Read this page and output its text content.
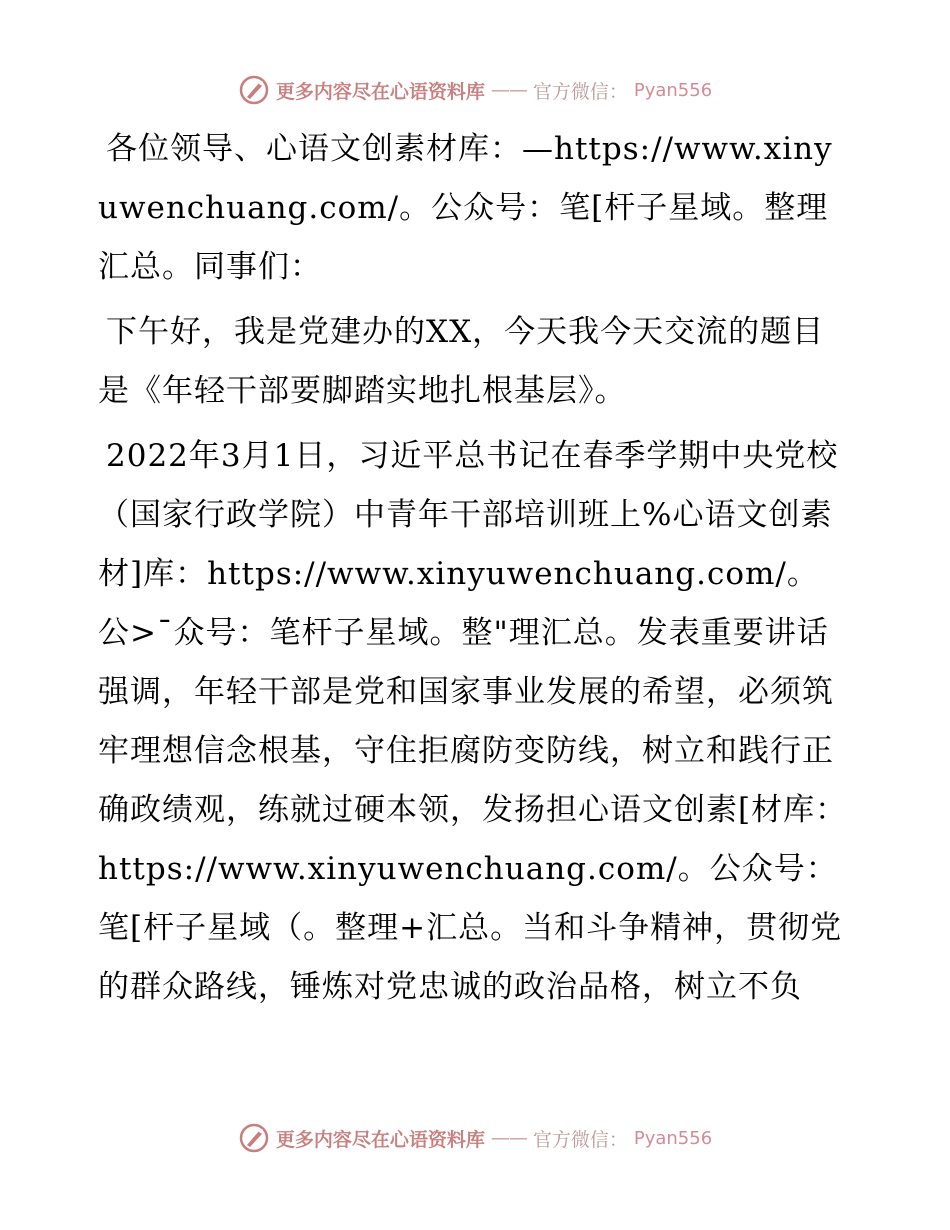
更多内容尽在心语资料库 —— 官方微信： Pyan556

各位领导、心语文创素材库：—https://www.xinyuwenchuang.com/。公众号：笔[杆子星域。整理汇总。同事们：

下午好，我是党建办的XX，今天我今天交流的题目是《年轻干部要脚踏实地扎根基层》。

2022年3月1日，习近平总书记在春季学期中央党校（国家行政学院）中青年干部培训班上%心语文创素材]库：https://www.xinyuwenchuang.com/。公>¯众号：笔杆子星域。整"理汇总。发表重要讲话强调，年轻干部是党和国家事业发展的希望，必须筑牢理想信念根基，守住拒腐防变防线，树立和践行正确政绩观，练就过硬本领，发扬担心语文创素[材库：https://www.xinyuwenchuang.com/。公众号：笔[杆子星域（。整理+汇总。当和斗争精神，贯彻党的群众路线，锤炼对党忠诚的政治品格，树立不负

更多内容尽在心语资料库 —— 官方微信： Pyan556
